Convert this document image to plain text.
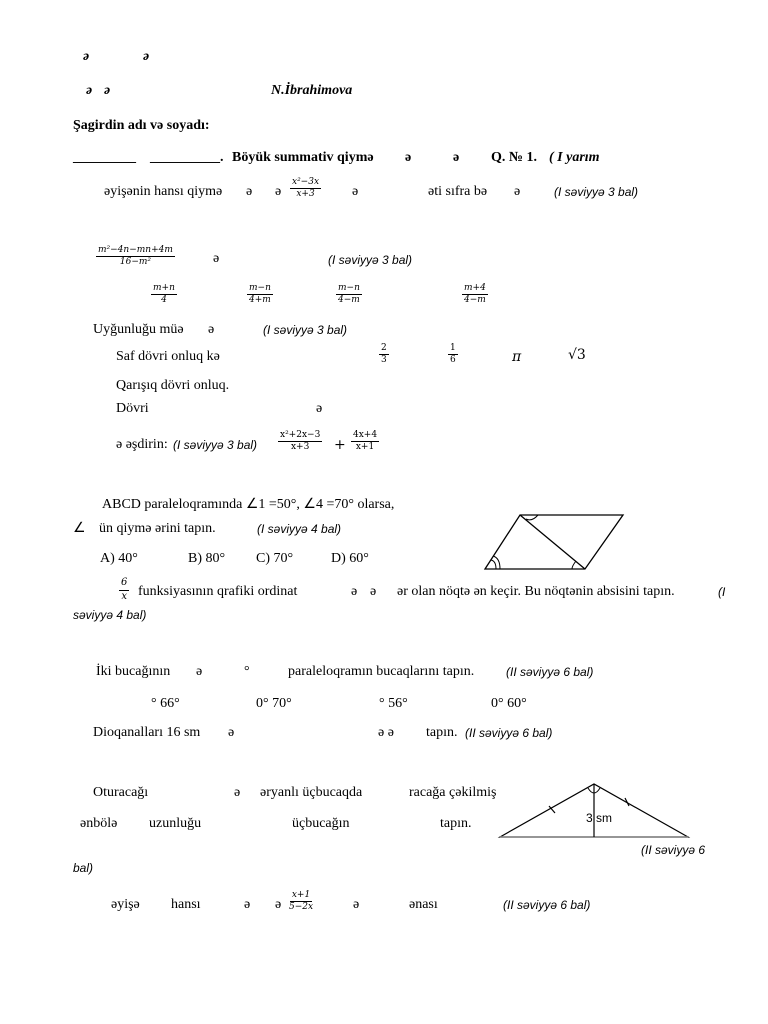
ə	ə
ə ə	N.İbrahimova
Şagirdin adı və soyadı:
_________ __________. Böyük summativ qiymə ə	ə Q. № 1. ( I yarım
əyişənin hansı qiymə ə ə $\frac{\text{x²−3x}}{x+3}$ ə	əti sıfra bə ə	(I səviyyə 3 bal)
$\frac{\text{m²−4n−mn+4m}}{\text{16−m²}}$	ə	(I səviyyə 3 bal)
$\frac{m+n}{4}$	$\frac{m-n}{4+m}$	$\frac{m-n}{4-m}$	$\frac{m+4}{4-m}$
Uyğunluğu müə ə	(I səviyyə 3 bal)
Saf dövri onluq kə	$\frac{2}{3}$	$\frac{1}{6}$	π	√3
Qarışıq dövri onluq.
Dövri	ə
ə əşdirin: (I səviyyə 3 $bal) \frac{\text{x²+2x−3}}{x+3} + \frac{4x+4}{x+1}$
ABCD paraleloqramında ∠1 =50°, ∠4 =70° olarsa,
∠ ün qiymə ərini tapın.	(I səviyyə 4 bal)
A) 40°	B) 80° C) 70°	D) 60°
$\frac{6}{x}$ funksiyasının qrafiki ordinat	ə ə ər olan nöqtə ən keçir. Bu nöqtənin absisini tapın.	(I
səviyyə 4 bal)
İki bucağının ə	°	paraleloqramın bucaqlarını tapın.	(II səviyyə 6 bal)
° 66°	0° 70°	° 56°	0° 60°
Dioqanalları 16 sm ə	ə ə tapın. (II səviyyə 6 bal)
Oturacağı	ə əryanlı üçbucaqda	racağa çəkilmiş
ənbölə uzunluğu	üçbucağın	tapın.	3 sm
(II səviyyə 6
bal)
əyişə hansı	ə ə $\frac{x+1}{5-2x}$	ə	ənası	(II səviyyə 6 bal)
